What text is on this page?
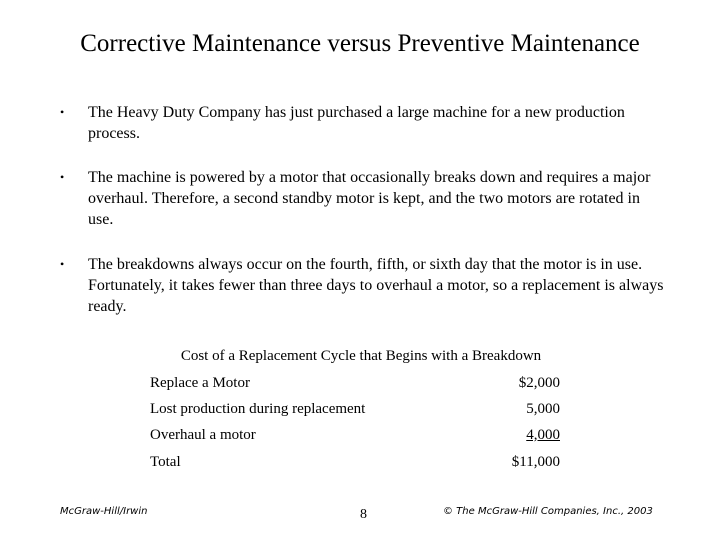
Corrective Maintenance versus Preventive Maintenance
•	The Heavy Duty Company has just purchased a large machine for a new production process.
•	The machine is powered by a motor that occasionally breaks down and requires a major overhaul. Therefore, a second standby motor is kept, and the two motors are rotated in use.
•	The breakdowns always occur on the fourth, fifth, or sixth day that the motor is in use. Fortunately, it takes fewer than three days to overhaul a motor, so a replacement is always ready.
Cost of a Replacement Cycle that Begins with a Breakdown
Replace a Motor	$2,000
Lost production during replacement	5,000
Overhaul a motor	4,000
Total	$11,000
McGraw-Hill/Irwin	8	© The McGraw-Hill Companies, Inc., 2003
